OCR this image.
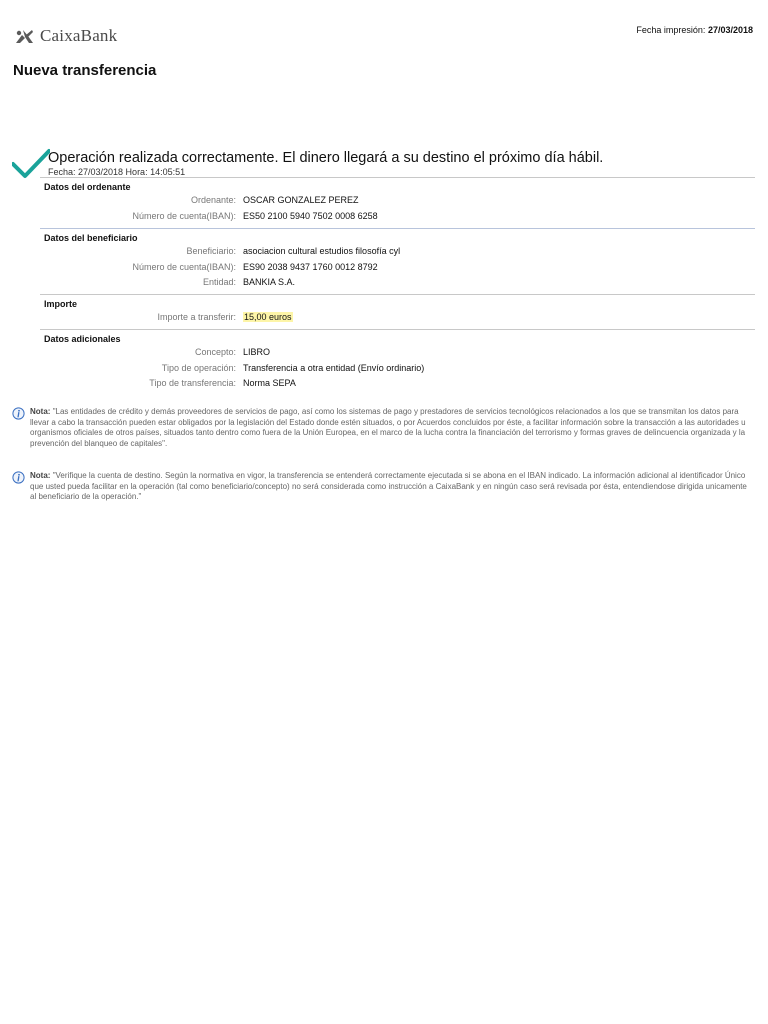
CaixaBank	Fecha impresión: 27/03/2018
Nueva transferencia
Operación realizada correctamente. El dinero llegará a su destino el próximo día hábil.
Fecha: 27/03/2018 Hora: 14:05:51
Datos del ordenante
Ordenante: OSCAR GONZALEZ PEREZ
Número de cuenta(IBAN): ES50 2100 5940 7502 0008 6258
Datos del beneficiario
Beneficiario: asociacion cultural estudios filosofía cyl
Número de cuenta(IBAN): ES90 2038 9437 1760 0012 8792
Entidad: BANKIA S.A.
Importe
Importe a transferir: 15,00 euros
Datos adicionales
Concepto: LIBRO
Tipo de operación: Transferencia a otra entidad (Envío ordinario)
Tipo de transferencia: Norma SEPA
Nota: "Las entidades de crédito y demás proveedores de servicios de pago, así como los sistemas de pago y prestadores de servicios tecnológicos relacionados a los que se transmitan los datos para llevar a cabo la transacción pueden estar obligados por la legislación del Estado donde estén situados, o por Acuerdos concluidos por éste, a facilitar información sobre la transacción a las autoridades u organismos oficiales de otros países, situados tanto dentro como fuera de la Unión Europea, en el marco de la lucha contra la financiación del terrorismo y formas graves de delincuencia organizada y la prevención del blanqueo de capitales".
Nota: "Verifique la cuenta de destino. Según la normativa en vigor, la transferencia se entenderá correctamente ejecutada si se abona en el IBAN indicado. La información adicional al identificador Único que usted pueda facilitar en la operación (tal como beneficiario/concepto) no será considerada como instrucción a CaixaBank y en ningún caso será revisada por ésta, entendiendose dirigida unicamente al beneficiario de la operación."
